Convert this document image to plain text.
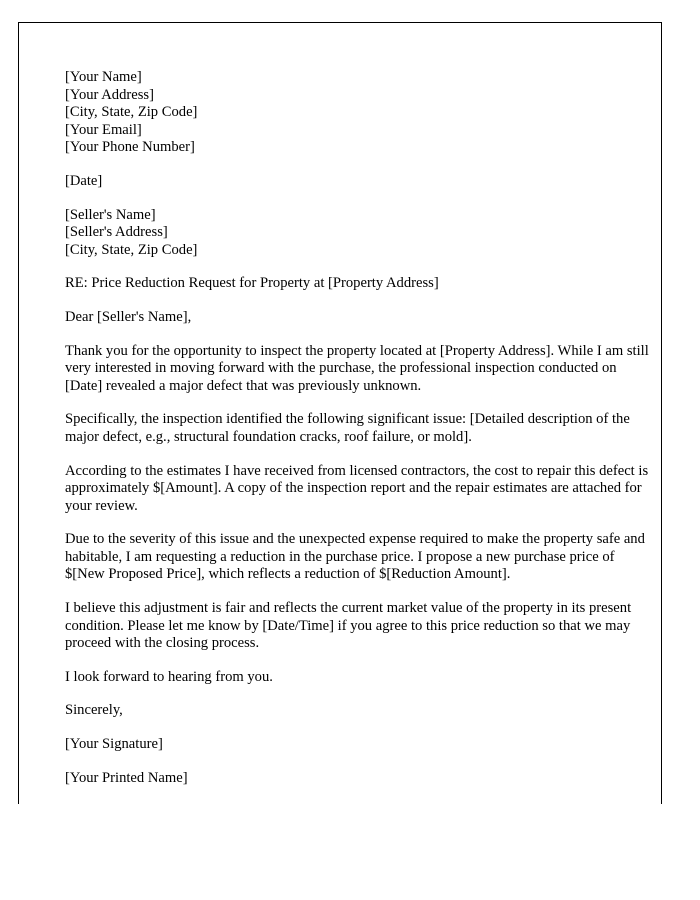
[Your Name]
[Your Address]
[City, State, Zip Code]
[Your Email]
[Your Phone Number]
[Date]
[Seller's Name]
[Seller's Address]
[City, State, Zip Code]
RE: Price Reduction Request for Property at [Property Address]
Dear [Seller's Name],
Thank you for the opportunity to inspect the property located at [Property Address]. While I am still very interested in moving forward with the purchase, the professional inspection conducted on [Date] revealed a major defect that was previously unknown.
Specifically, the inspection identified the following significant issue: [Detailed description of the major defect, e.g., structural foundation cracks, roof failure, or mold].
According to the estimates I have received from licensed contractors, the cost to repair this defect is approximately $[Amount]. A copy of the inspection report and the repair estimates are attached for your review.
Due to the severity of this issue and the unexpected expense required to make the property safe and habitable, I am requesting a reduction in the purchase price. I propose a new purchase price of $[New Proposed Price], which reflects a reduction of $[Reduction Amount].
I believe this adjustment is fair and reflects the current market value of the property in its present condition. Please let me know by [Date/Time] if you agree to this price reduction so that we may proceed with the closing process.
I look forward to hearing from you.
Sincerely,
[Your Signature]
[Your Printed Name]
